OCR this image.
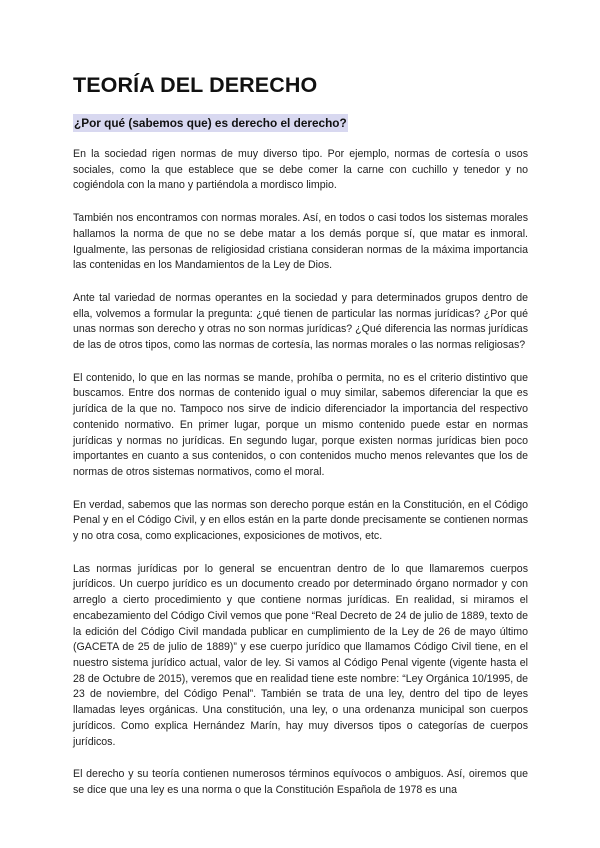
TEORÍA DEL DERECHO
¿Por qué (sabemos que) es derecho el derecho?

En la sociedad rigen normas de muy diverso tipo. Por ejemplo, normas de cortesía o usos sociales, como la que establece que se debe comer la carne con cuchillo y tenedor y no cogiéndola con la mano y partiéndola a mordisco limpio.

También nos encontramos con normas morales. Así, en todos o casi todos los sistemas morales hallamos la norma de que no se debe matar a los demás porque sí, que matar es inmoral. Igualmente, las personas de religiosidad cristiana consideran normas de la máxima importancia las contenidas en los Mandamientos de la Ley de Dios.

Ante tal variedad de normas operantes en la sociedad y para determinados grupos dentro de ella, volvemos a formular la pregunta: ¿qué tienen de particular las normas jurídicas? ¿Por qué unas normas son derecho y otras no son normas jurídicas? ¿Qué diferencia las normas jurídicas de las de otros tipos, como las normas de cortesía, las normas morales o las normas religiosas?

El contenido, lo que en las normas se mande, prohíba o permita, no es el criterio distintivo que buscamos. Entre dos normas de contenido igual o muy similar, sabemos diferenciar la que es jurídica de la que no. Tampoco nos sirve de indicio diferenciador la importancia del respectivo contenido normativo. En primer lugar, porque un mismo contenido puede estar en normas jurídicas y normas no jurídicas. En segundo lugar, porque existen normas jurídicas bien poco importantes en cuanto a sus contenidos, o con contenidos mucho menos relevantes que los de normas de otros sistemas normativos, como el moral.

En verdad, sabemos que las normas son derecho porque están en la Constitución, en el Código Penal y en el Código Civil, y en ellos están en la parte donde precisamente se contienen normas y no otra cosa, como explicaciones, exposiciones de motivos, etc.

Las normas jurídicas por lo general se encuentran dentro de lo que llamaremos cuerpos jurídicos. Un cuerpo jurídico es un documento creado por determinado órgano normador y con arreglo a cierto procedimiento y que contiene normas jurídicas. En realidad, si miramos el encabezamiento del Código Civil vemos que pone “Real Decreto de 24 de julio de 1889, texto de la edición del Código Civil mandada publicar en cumplimiento de la Ley de 26 de mayo último (GACETA de 25 de julio de 1889)” y ese cuerpo jurídico que llamamos Código Civil tiene, en el nuestro sistema jurídico actual, valor de ley. Si vamos al Código Penal vigente (vigente hasta el 28 de Octubre de 2015), veremos que en realidad tiene este nombre: “Ley Orgánica 10/1995, de 23 de noviembre, del Código Penal”. También se trata de una ley, dentro del tipo de leyes llamadas leyes orgánicas. Una constitución, una ley, o una ordenanza municipal son cuerpos jurídicos. Como explica Hernández Marín, hay muy diversos tipos o categorías de cuerpos jurídicos.

El derecho y su teoría contienen numerosos términos equívocos o ambiguos. Así, oiremos que se dice que una ley es una norma o que la Constitución Española de 1978 es una
